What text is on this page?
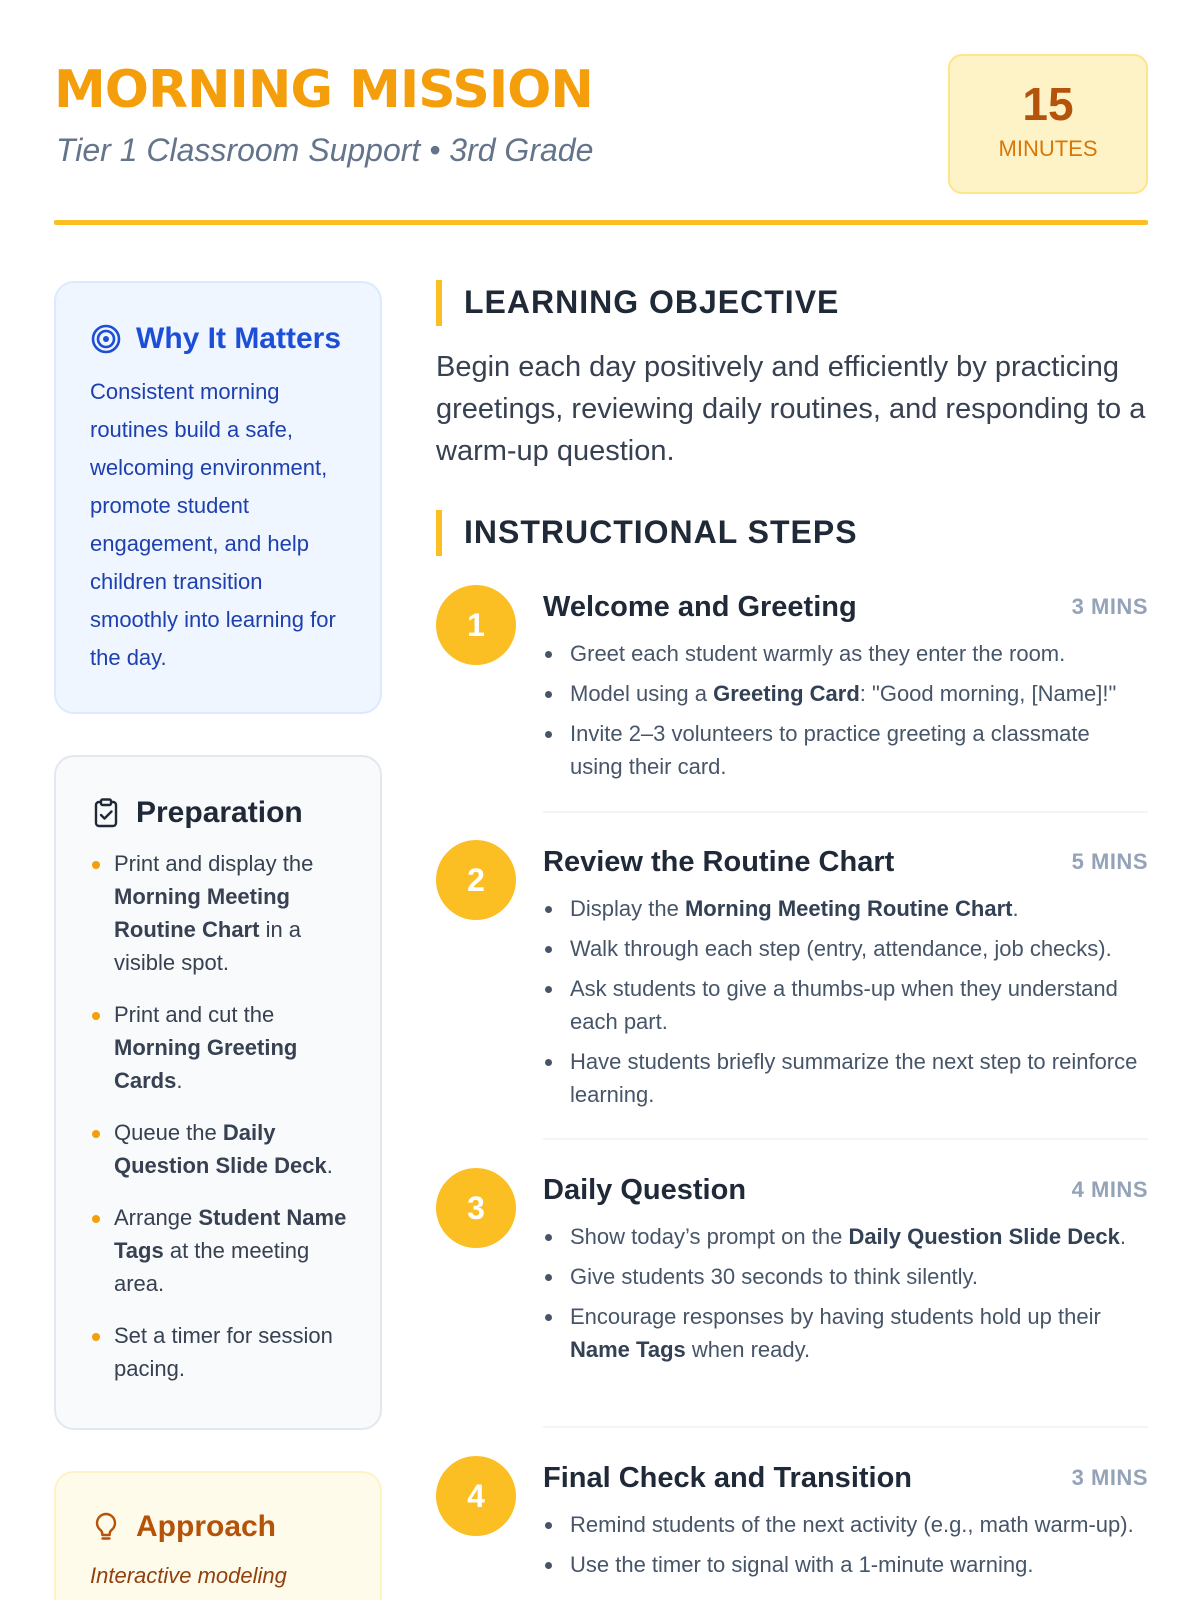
MORNING MISSION
Tier 1 Classroom Support • 3rd Grade
15
MINUTES
Why It Matters

Consistent morning routines build a safe, welcoming environment, promote student engagement, and help children transition smoothly into learning for the day.

Preparation
Print and display the Morning Meeting Routine Chart in a visible spot.
Print and cut the Morning Greeting Cards.
Queue the Daily Question Slide Deck.
Arrange Student Name Tags at the meeting area.
Set a timer for session pacing.
Approach

Interactive modeling

LEARNING OBJECTIVE

Begin each day positively and efficiently by practicing greetings, reviewing daily routines, and responding to a warm-up question.

INSTRUCTIONAL STEPS
1	Welcome and Greeting	3 MINS
Greet each student warmly as they enter the room.
Model using a Greeting Card: "Good morning, [Name]!"
Invite 2–3 volunteers to practice greeting a classmate using their card.
2	Review the Routine Chart	5 MINS
Display the Morning Meeting Routine Chart.
Walk through each step (entry, attendance, job checks).
Ask students to give a thumbs-up when they understand each part.
Have students briefly summarize the next step to reinforce learning.
3	Daily Question	4 MINS
Show today’s prompt on the Daily Question Slide Deck.
Give students 30 seconds to think silently.
Encourage responses by having students hold up their Name Tags when ready.
4	Final Check and Transition	3 MINS
Remind students of the next activity (e.g., math warm-up).
Use the timer to signal with a 1-minute warning.
